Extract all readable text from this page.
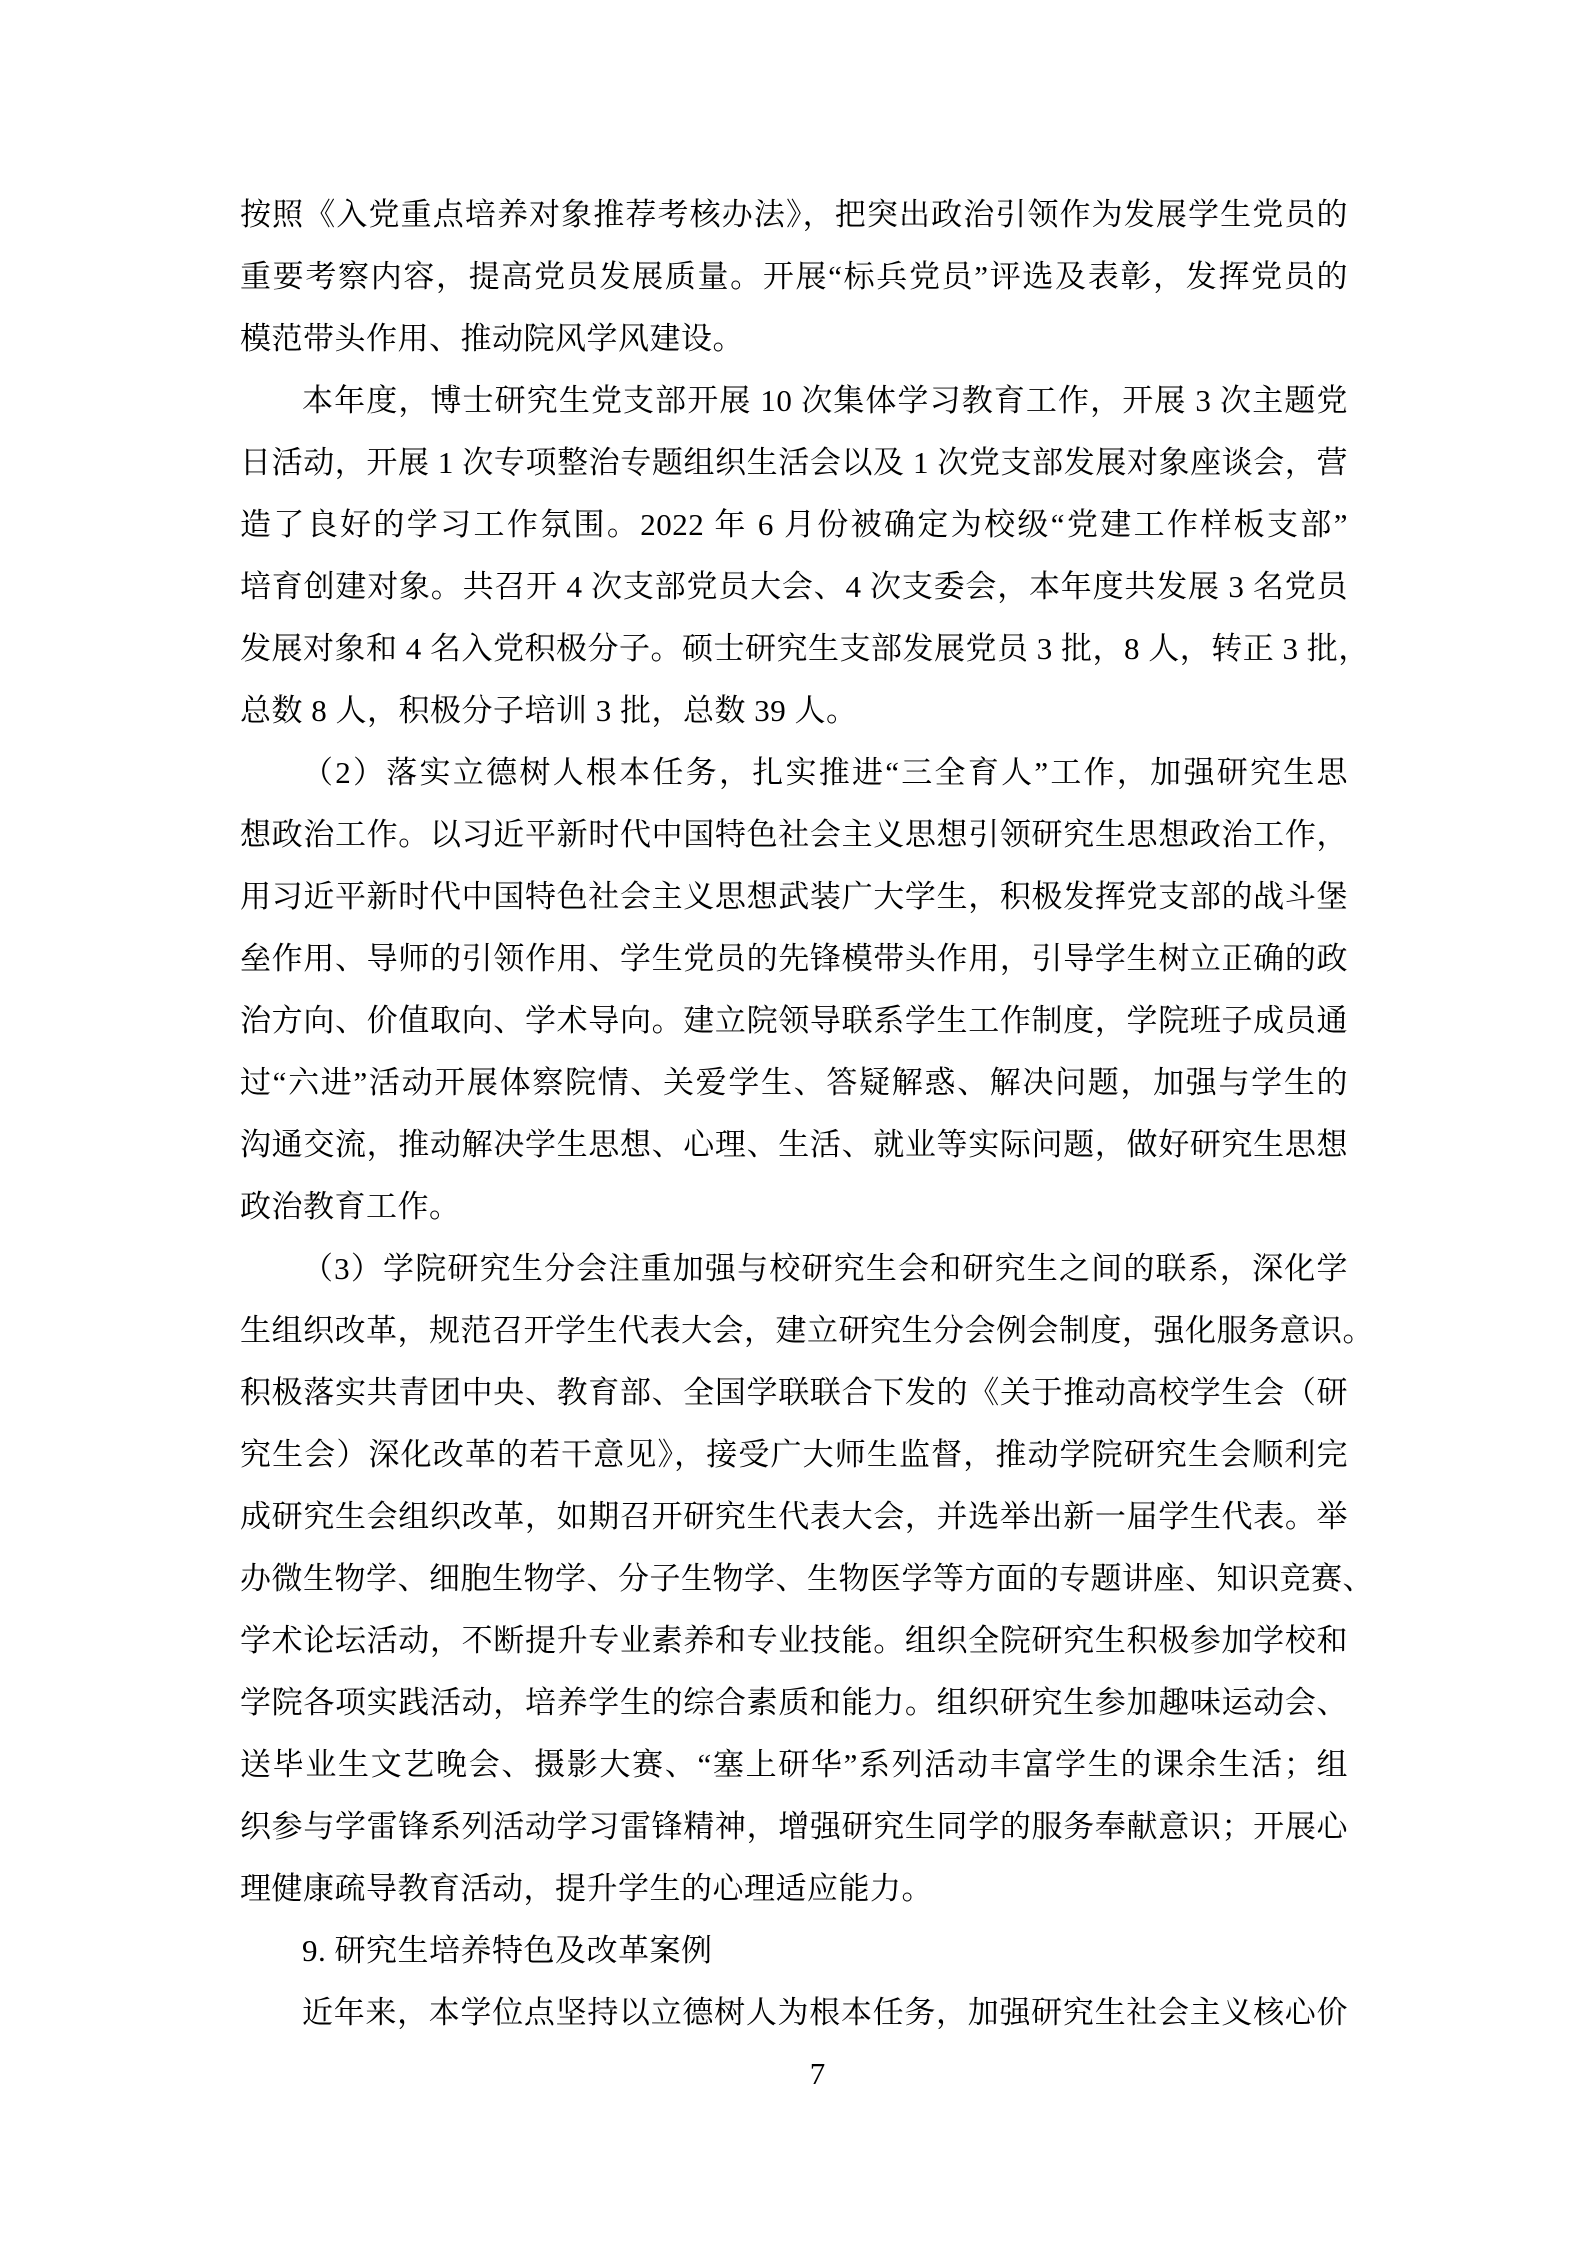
按照《入党重点培养对象推荐考核办法》，把突出政治引领作为发展学生党员的
重要考察内容，提高党员发展质量。开展“标兵党员”评选及表彰，发挥党员的
模范带头作用、推动院风学风建设。
本年度，博士研究生党支部开展 10 次集体学习教育工作，开展 3 次主题党
日活动，开展 1 次专项整治专题组织生活会以及 1 次党支部发展对象座谈会，营
造了良好的学习工作氛围。2022 年 6 月份被确定为校级“党建工作样板支部”
培育创建对象。共召开 4 次支部党员大会、4 次支委会，本年度共发展 3 名党员
发展对象和 4 名入党积极分子。硕士研究生支部发展党员 3 批，8 人，转正 3 批，
总数 8 人，积极分子培训 3 批，总数 39 人。
（2）落实立德树人根本任务，扎实推进“三全育人”工作，加强研究生思
想政治工作。以习近平新时代中国特色社会主义思想引领研究生思想政治工作，
用习近平新时代中国特色社会主义思想武装广大学生，积极发挥党支部的战斗堡
垒作用、导师的引领作用、学生党员的先锋模带头作用，引导学生树立正确的政
治方向、价值取向、学术导向。建立院领导联系学生工作制度，学院班子成员通
过“六进”活动开展体察院情、关爱学生、答疑解惑、解决问题，加强与学生的
沟通交流，推动解决学生思想、心理、生活、就业等实际问题，做好研究生思想
政治教育工作。
（3）学院研究生分会注重加强与校研究生会和研究生之间的联系，深化学
生组织改革，规范召开学生代表大会，建立研究生分会例会制度，强化服务意识。
积极落实共青团中央、教育部、全国学联联合下发的《关于推动高校学生会（研
究生会）深化改革的若干意见》，接受广大师生监督，推动学院研究生会顺利完
成研究生会组织改革，如期召开研究生代表大会，并选举出新一届学生代表。举
办微生物学、细胞生物学、分子生物学、生物医学等方面的专题讲座、知识竞赛、
学术论坛活动，不断提升专业素养和专业技能。组织全院研究生积极参加学校和
学院各项实践活动，培养学生的综合素质和能力。组织研究生参加趣味运动会、
送毕业生文艺晚会、摄影大赛、“塞上研华”系列活动丰富学生的课余生活；组
织参与学雷锋系列活动学习雷锋精神，增强研究生同学的服务奉献意识；开展心
理健康疏导教育活动，提升学生的心理适应能力。
9. 研究生培养特色及改革案例
近年来，本学位点坚持以立德树人为根本任务，加强研究生社会主义核心价
7
